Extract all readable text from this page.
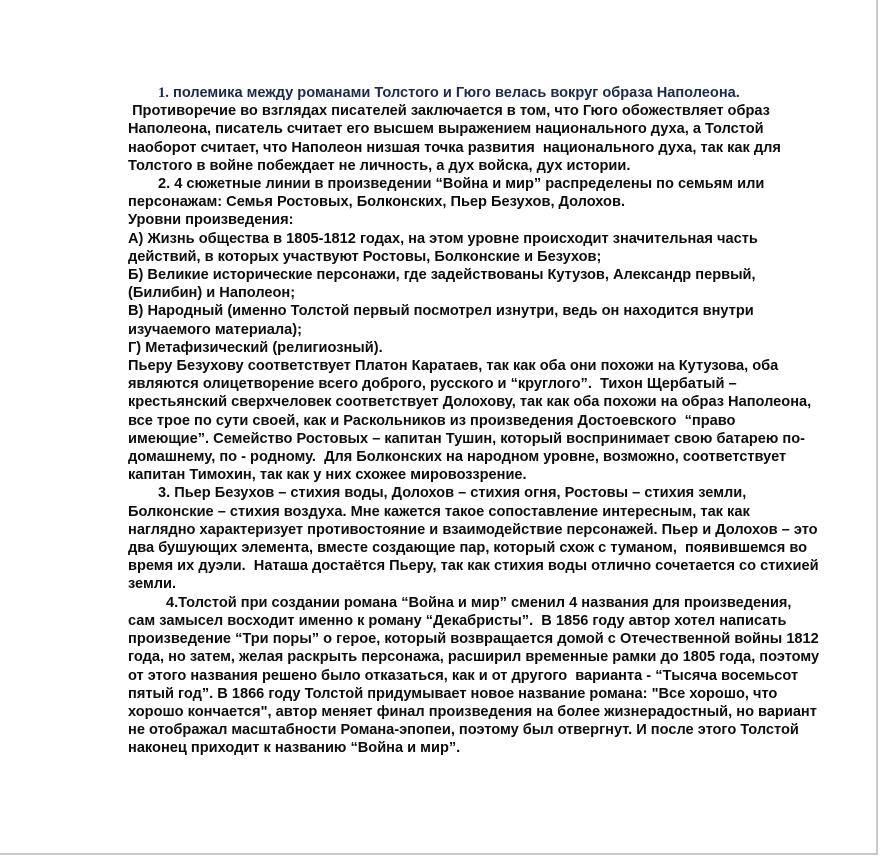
1. полемика между романами Толстого и Гюго велась вокруг образа Наполеона.

Противоречие во взглядах писателей заключается в том, что Гюго обожествляет образ Наполеона, писатель считает его высшем выражением национального духа, а Толстой наоборот считает, что Наполеон низшая точка развития  национального духа, так как для Толстого в войне побеждает не личность, а дух войска, дух истории.

2. 4 сюжетные линии в произведении “Война и мир” распределены по семьям или персонажам: Семья Ростовых, Болконских, Пьер Безухов, Долохов.

Уровни произведения:

А) Жизнь общества в 1805-1812 годах, на этом уровне происходит значительная часть действий, в которых участвуют Ростовы, Болконские и Безухов;

Б) Великие исторические персонажи, где задействованы Кутузов, Александр первый,(Билибин) и Наполеон;

В) Народный (именно Толстой первый посмотрел изнутри, ведь он находится внутри изучаемого материала);

Г) Метафизический (религиозный).

Пьеру Безухову соответствует Платон Каратаев, так как оба они похожи на Кутузова, оба являются олицетворение всего доброго, русского и “круглого”.  Тихон Щербатый – крестьянский сверхчеловек соответствует Долохову, так как оба похожи на образ Наполеона, все трое по сути своей, как и Раскольников из произведения Достоевского  “право имеющие”. Семейство Ростовых – капитан Тушин, который воспринимает свою батарею по-домашнему, по - родному.  Для Болконских на народном уровне, возможно, соответствует капитан Тимохин, так как у них схожее мировоззрение.

3. Пьер Безухов – стихия воды, Долохов – стихия огня, Ростовы – стихия земли, Болконские – стихия воздуха. Мне кажется такое сопоставление интересным, так как наглядно характеризует противостояние и взаимодействие персонажей. Пьер и Долохов – это два бушующих элемента, вместе создающие пар, который схож с туманом,  появившемся во время их дуэли.  Наташа достаётся Пьеру, так как стихия воды отлично сочетается со стихией земли.

4.Толстой при создании романа “Война и мир” сменил 4 названия для произведения, сам замысел восходит именно к роману “Декабристы”.  В 1856 году автор хотел написать произведение “Три поры” о герое, который возвращается домой с Отечественной войны 1812 года, но затем, желая раскрыть персонажа, расширил временные рамки до 1805 года, поэтому от этого названия решено было отказаться, как и от другого  варианта - “Тысяча восемьсот пятый год”. В 1866 году Толстой придумывает новое название романа: "Все хорошо, что хорошо кончается", автор меняет финал произведения на более жизнерадостный, но вариант не отображал масштабности Романа-эпопеи, поэтому был отвергнут. И после этого Толстой наконец приходит к названию “Война и мир”.
